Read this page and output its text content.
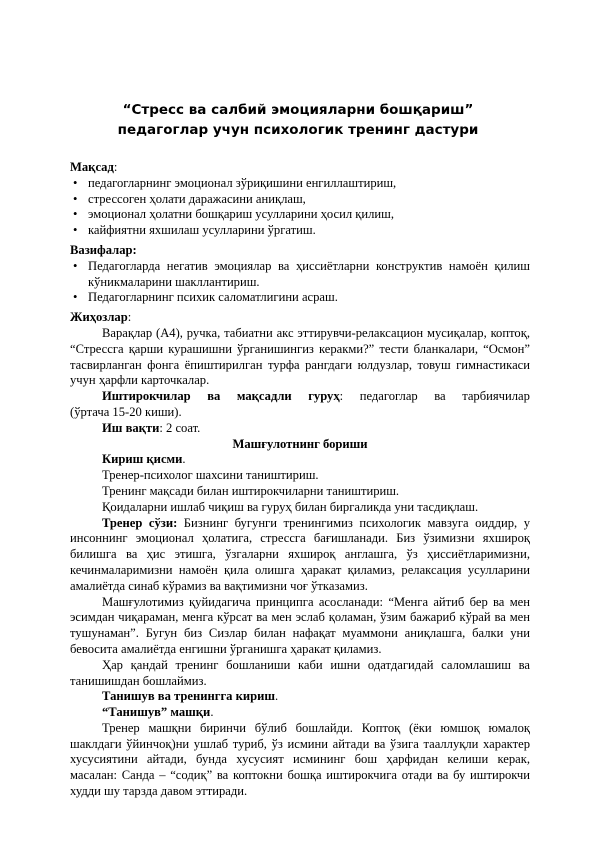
“Стресс ва салбий эмоцияларни бошқариш”
педагоглар учун психологик тренинг дастури

Мақсад:

• педагогларнинг эмоционал зўриқишини енгиллаштириш,
• стрессоген ҳолати даражасини аниқлаш,
• эмоционал ҳолатни бошқариш усулларини ҳосил қилиш,
• кайфиятни яхшилаш усулларини ўргатиш.

Вазифалар:

• Педагогларда негатив эмоциялар ва ҳиссиётларни конструктив намоён қилиш кўникмаларини шакллантириш.
• Педагогларнинг психик саломатлигини асраш.

Жиҳозлар:

Варақлар (А4), ручка, табиатни акс эттирувчи-релаксацион мусиқалар, коптоқ, “Стрессга қарши курашишни ўрганишингиз керакми?” тести бланкалари, “Осмон” тасвирланган фонга ёпиштирилган турфа рангдаги юлдузлар, товуш гимнастикаси учун ҳарфли карточкалар.

Иштирокчилар ва мақсадли гуруҳ: педагоглар ва тарбиячилар

(ўртача 15-20 киши).

Иш вақти: 2 соат.

Машғулотнинг бориши

Кириш қисми.

Тренер-психолог шахсини таништириш.

Тренинг мақсади билан иштирокчиларни таништириш.

Қоидаларни ишлаб чиқиш ва гуруҳ билан биргаликда уни тасдиқлаш.

Тренер сўзи: Бизнинг бугунги тренингимиз психологик мавзуга оиддир, у инсоннинг эмоционал ҳолатига, стрессга бағишланади. Биз ўзимизни яхшироқ билишга ва ҳис этишга, ўзгаларни яхшироқ англашга, ўз ҳиссиётларимизни, кечинмаларимизни намоён қила олишга ҳаракат қиламиз, релаксация усулларини амалиётда синаб кўрамиз ва вақтимизни чоғ ўтказамиз.

Машғулотимиз қуйидагича принципга асосланади: “Менга айтиб бер ва мен эсимдан чиқараман, менга кўрсат ва мен эслаб қоламан, ўзим бажариб кўрай ва мен тушунаман”. Бугун биз Сизлар билан нафақат муаммони аниқлашга, балки уни бевосита амалиётда енгишни ўрганишга ҳаракат қиламиз.

Ҳар қандай тренинг бошланиши каби ишни одатдагидай саломлашиш ва танишишдан бошлаймиз.

Танишув ва тренингга кириш.

“Танишув” машқи.

Тренер машқни биринчи бўлиб бошлайди. Коптоқ (ёки юмшоқ юмалоқ шаклдаги ўйинчоқ)ни ушлаб туриб, ўз исмини айтади ва ўзига тааллуқли характер хусусиятини айтади, бунда хусусият исмининг бош ҳарфидан келиши керак, масалан: Санда – “содиқ” ва коптокни бошқа иштирокчига отади ва бу иштирокчи худди шу тарзда давом эттиради.
